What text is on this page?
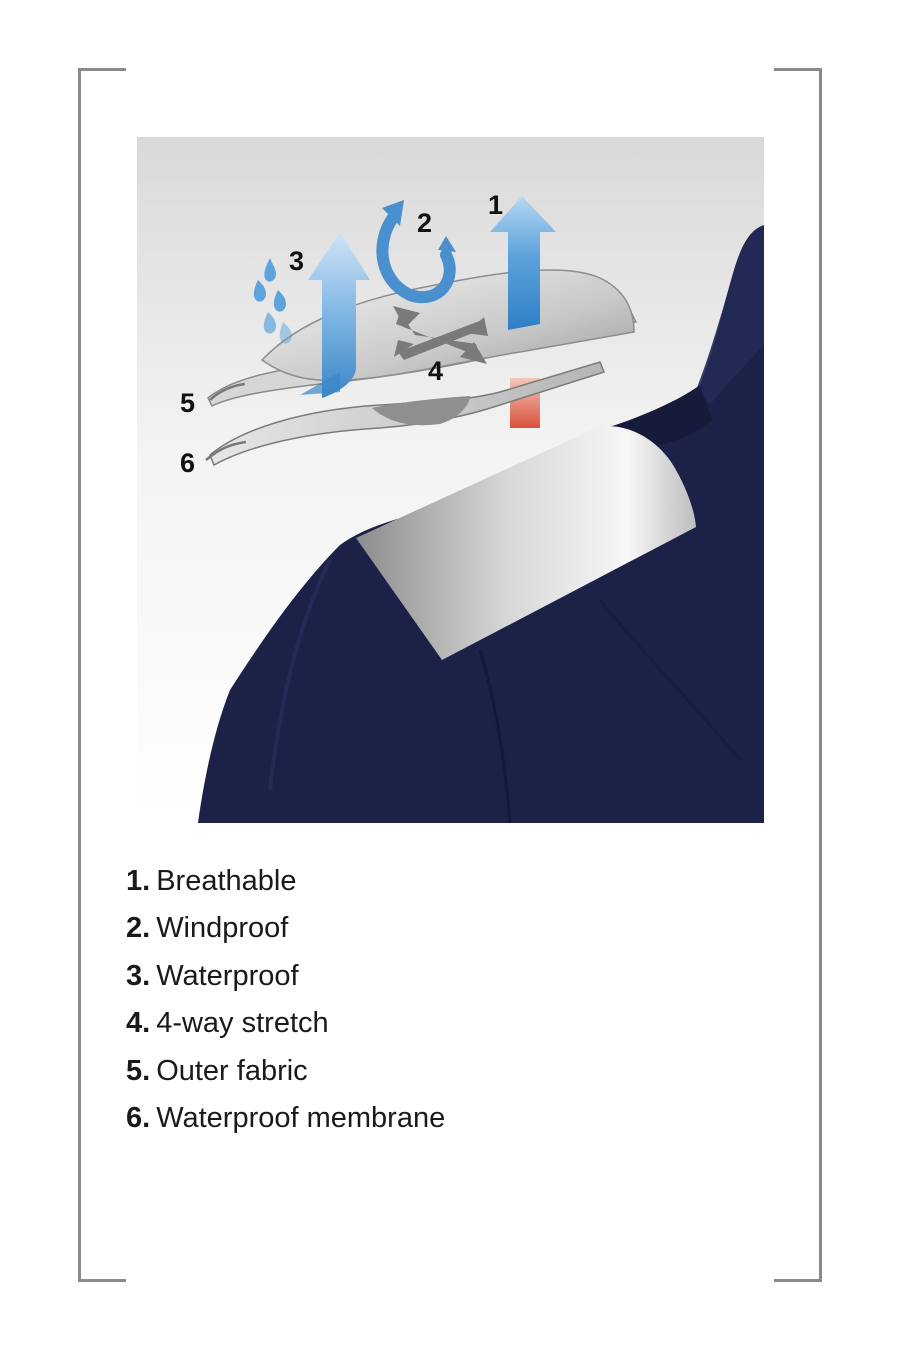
1
2
3
4
5
6
1. Breathable
2. Windproof
3. Waterproof
4. 4-way stretch
5. Outer fabric
6. Waterproof membrane
